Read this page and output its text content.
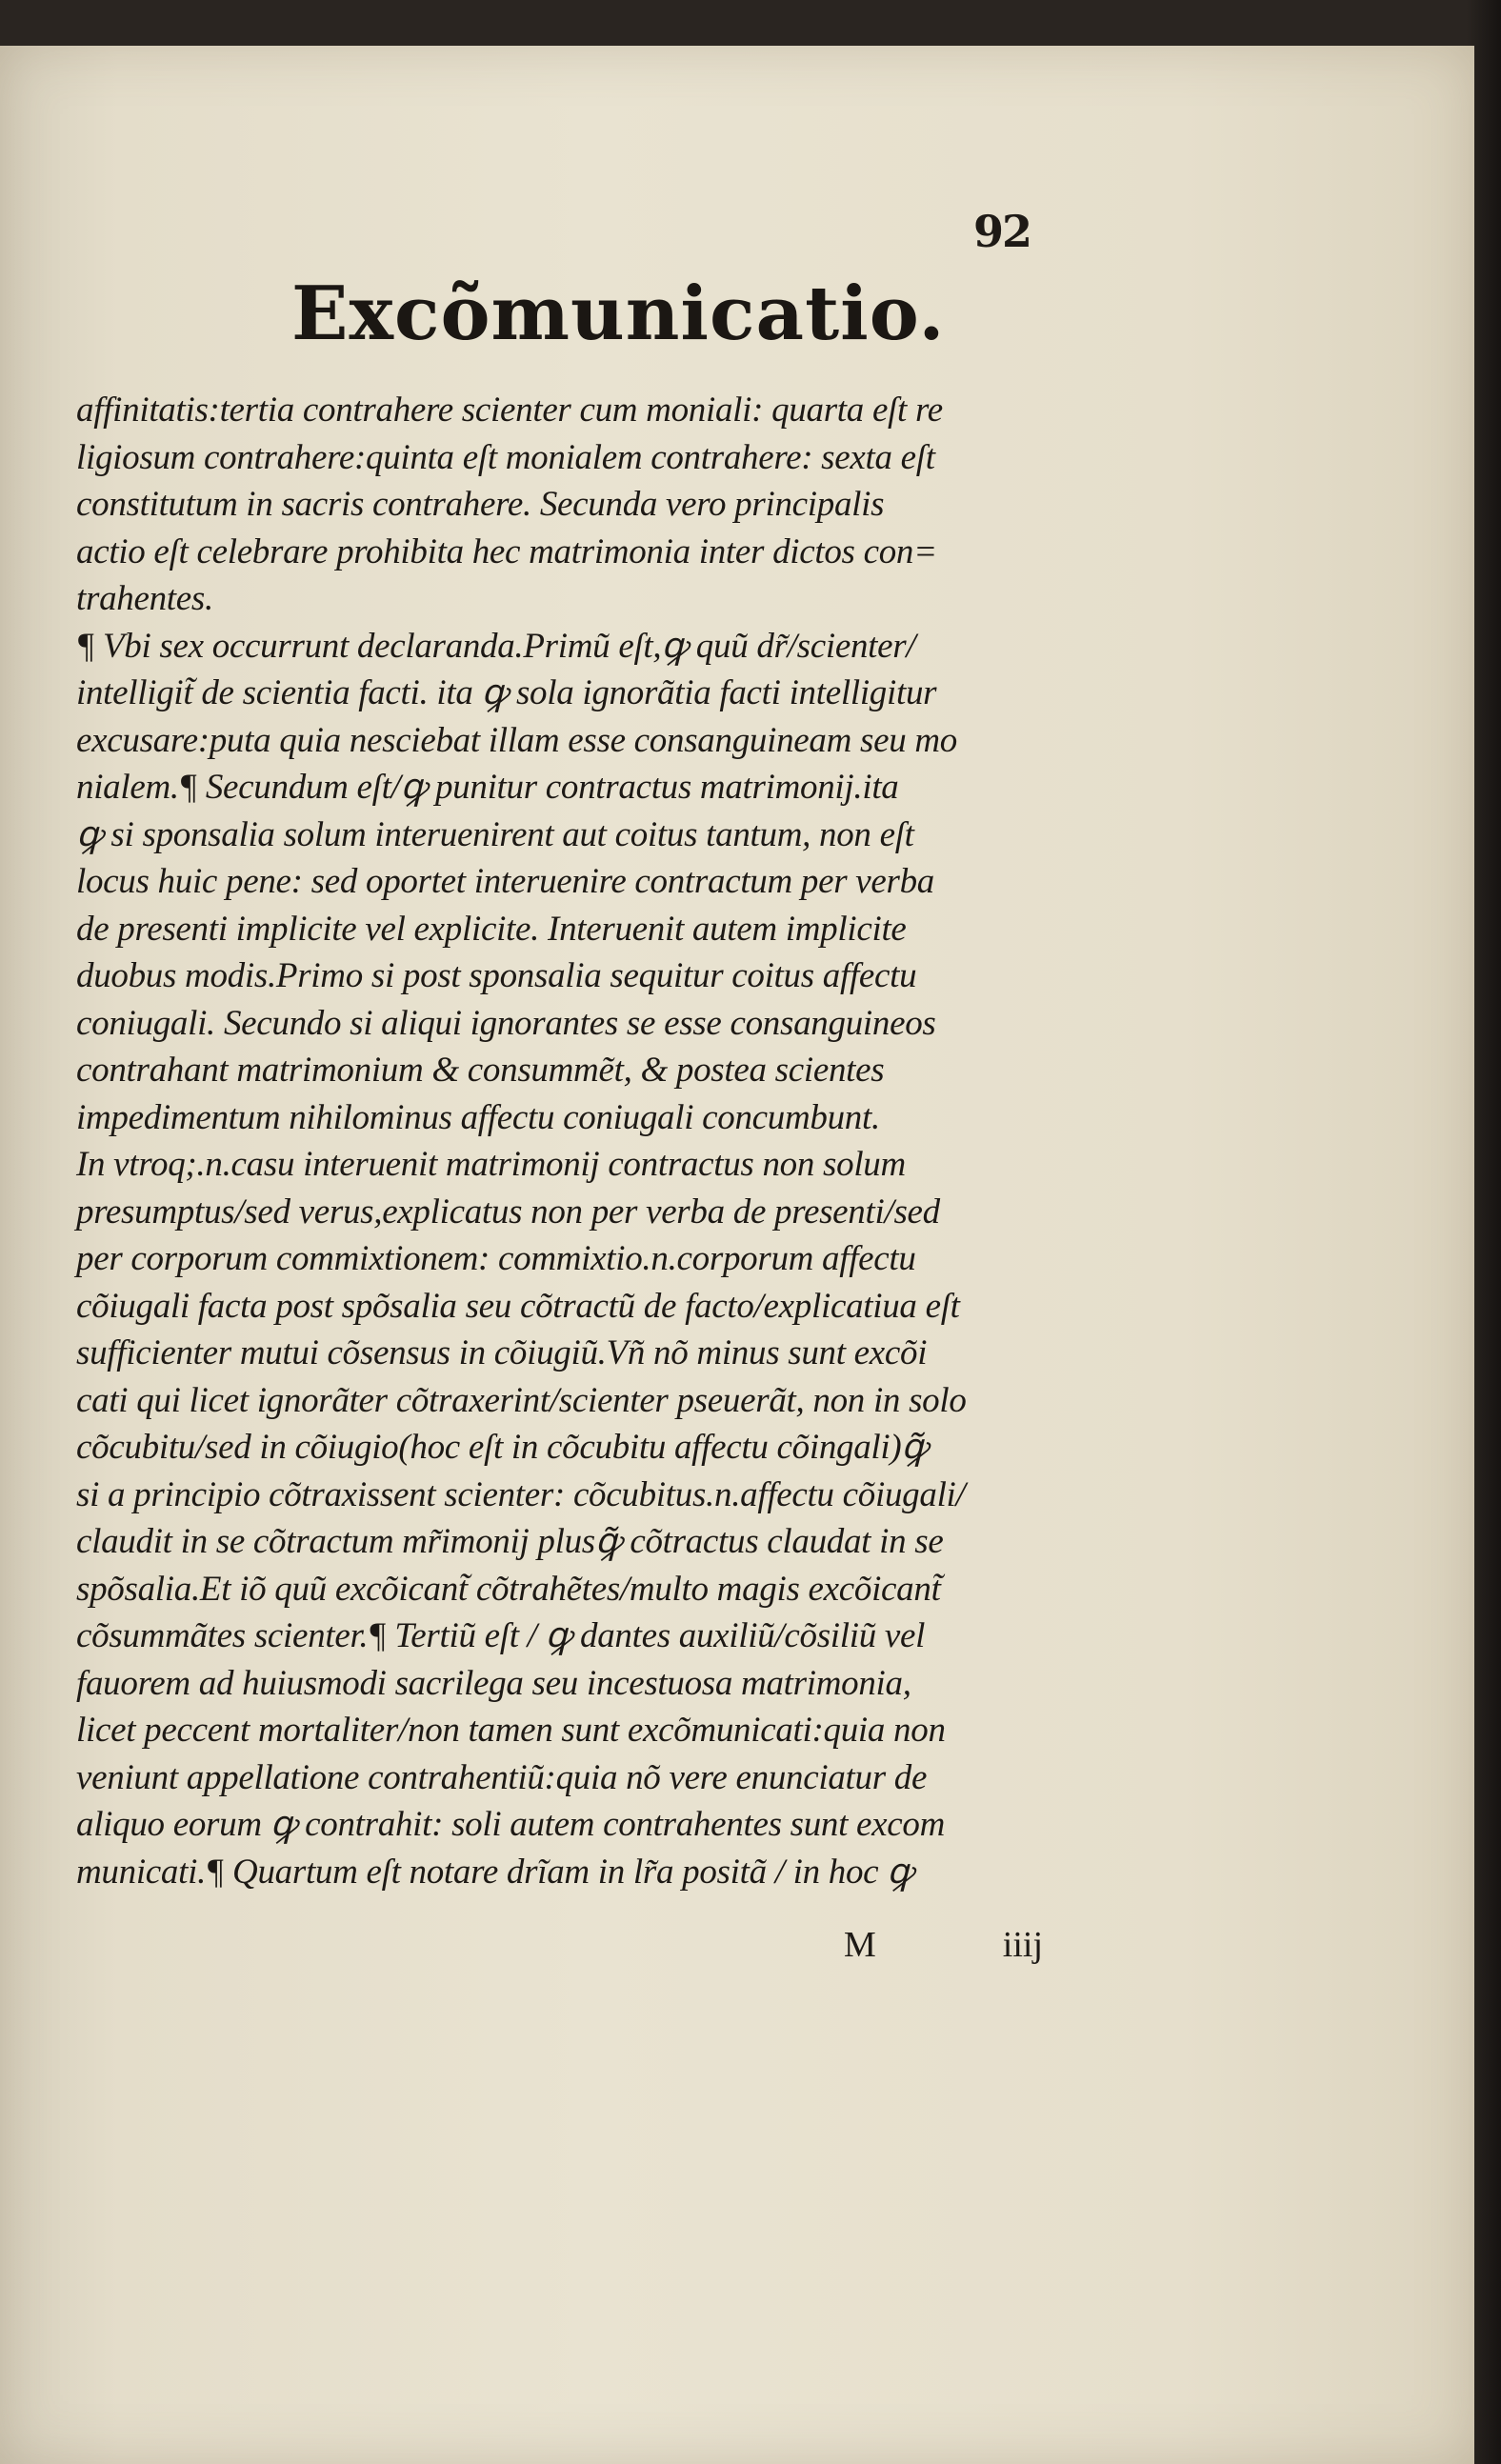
92
Excõmunicatio.
affinitatis:tertia contrahere scienter cum moniali: quarta eſt re
ligiosum contrahere:quinta eſt monialem contrahere: sexta eſt
constitutum in sacris contrahere. Secunda vero principalis
actio eſt celebrare prohibita hec matrimonia inter dictos con=
trahentes.
¶ Vbi sex occurrunt declaranda.Primũ eſt,ꝙ quũ dr̃/scienter/
intelligit̃ de scientia facti. ita ꝙ sola ignorãtia facti intelligitur
excusare:puta quia nesciebat illam esse consanguineam seu mo
nialem.¶ Secundum eſt/ꝙ punitur contractus matrimonij.ita
ꝙ si sponsalia solum interuenirent aut coitus tantum, non eſt
locus huic pene: sed oportet interuenire contractum per verba
de presenti implicite vel explicite. Interuenit autem implicite
duobus modis.Primo si post sponsalia sequitur coitus affectu
coniugali. Secundo si aliqui ignorantes se esse consanguineos
contrahant matrimonium & consummẽt, & postea scientes
impedimentum nihilominus affectu coniugali concumbunt.
In vtroq;.n.casu interuenit matrimonij contractus non solum
presumptus/sed verus,explicatus non per verba de presenti/sed
per corporum commixtionem: commixtio.n.corporum affectu
cõiugali facta post spõsalia seu cõtractũ de facto/explicatiua eſt
sufficienter mutui cõsensus in cõiugiũ.Vñ nõ minus sunt excõi
cati qui licet ignorãter cõtraxerint/scienter pseuerãt, non in solo
cõcubitu/sed in cõiugio(hoc eſt in cõcubitu affectu cõingali)ꝙ̃
si a principio cõtraxissent scienter: cõcubitus.n.affectu cõiugali/
claudit in se cõtractum mr̃imonij plusꝙ̃ cõtractus claudat in se
spõsalia.Et iõ quũ excõicant̃ cõtrahẽtes/multo magis excõicant̃
cõsummãtes scienter.¶ Tertiũ eſt / ꝙ dantes auxiliũ/cõsiliũ vel
fauorem ad huiusmodi sacrilega seu incestuosa matrimonia,
licet peccent mortaliter/non tamen sunt excõmunicati:quia non
veniunt appellatione contrahentiũ:quia nõ vere enunciatur de
aliquo eorum ꝙ contrahit: soli autem contrahentes sunt excom
municati.¶ Quartum eſt notare drĩam in lr̃a positã / in hoc ꝙ
M	iiij
